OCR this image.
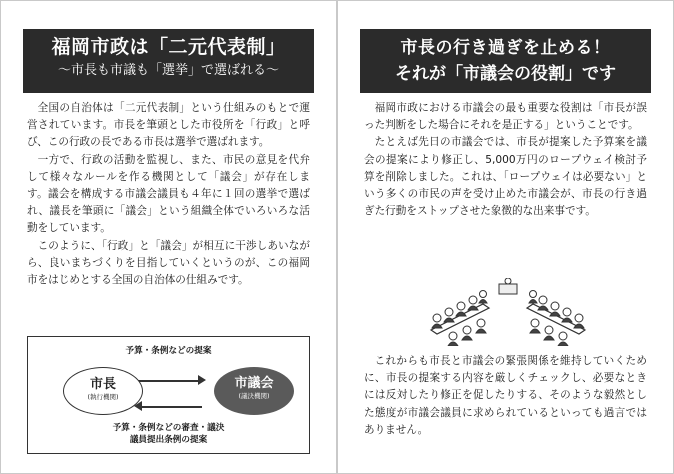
福岡市政は「二元代表制」
〜市長も市議も「選挙」で選ばれる〜

全国の自治体は「二元代表制」という仕組みのもとで運営されています。市長を筆頭とした市役所を「行政」と呼び、この行政の長である市長は選挙で選ばれます。

一方で、行政の活動を監視し、また、市民の意見を代弁して様々なルールを作る機関として「議会」が存在します。議会を構成する市議会議員も４年に１回の選挙で選ばれ、議長を筆頭に「議会」という組織全体でいろいろな活動をしています。

このように、「行政」と「議会」が相互に干渉しあいながら、良いまちづくりを目指していくというのが、この福岡市をはじめとする全国の自治体の仕組みです。

予算・条例などの提案
市長
(執行機関)
市議会
(議決機関)
予算・条例などの審査・議決
議員提出条例の提案
市長の行き過ぎを止める！
それが「市議会の役割」です

福岡市政における市議会の最も重要な役割は「市長が誤った判断をした場合にそれを是正する」ということです。

たとえば先日の市議会では、市長が提案した予算案を議会の提案により修正し、5,000万円のロープウェイ検討予算を削除しました。これは、「ロープウェイは必要ない」という多くの市民の声を受け止めた市議会が、市長の行き過ぎた行動をストップさせた象徴的な出来事です。

これからも市長と市議会の緊張関係を維持していくために、市長の提案する内容を厳しくチェックし、必要なときには反対したり修正を促したりする、そのような毅然とした態度が市議会議員に求められているといっても過言ではありません。
